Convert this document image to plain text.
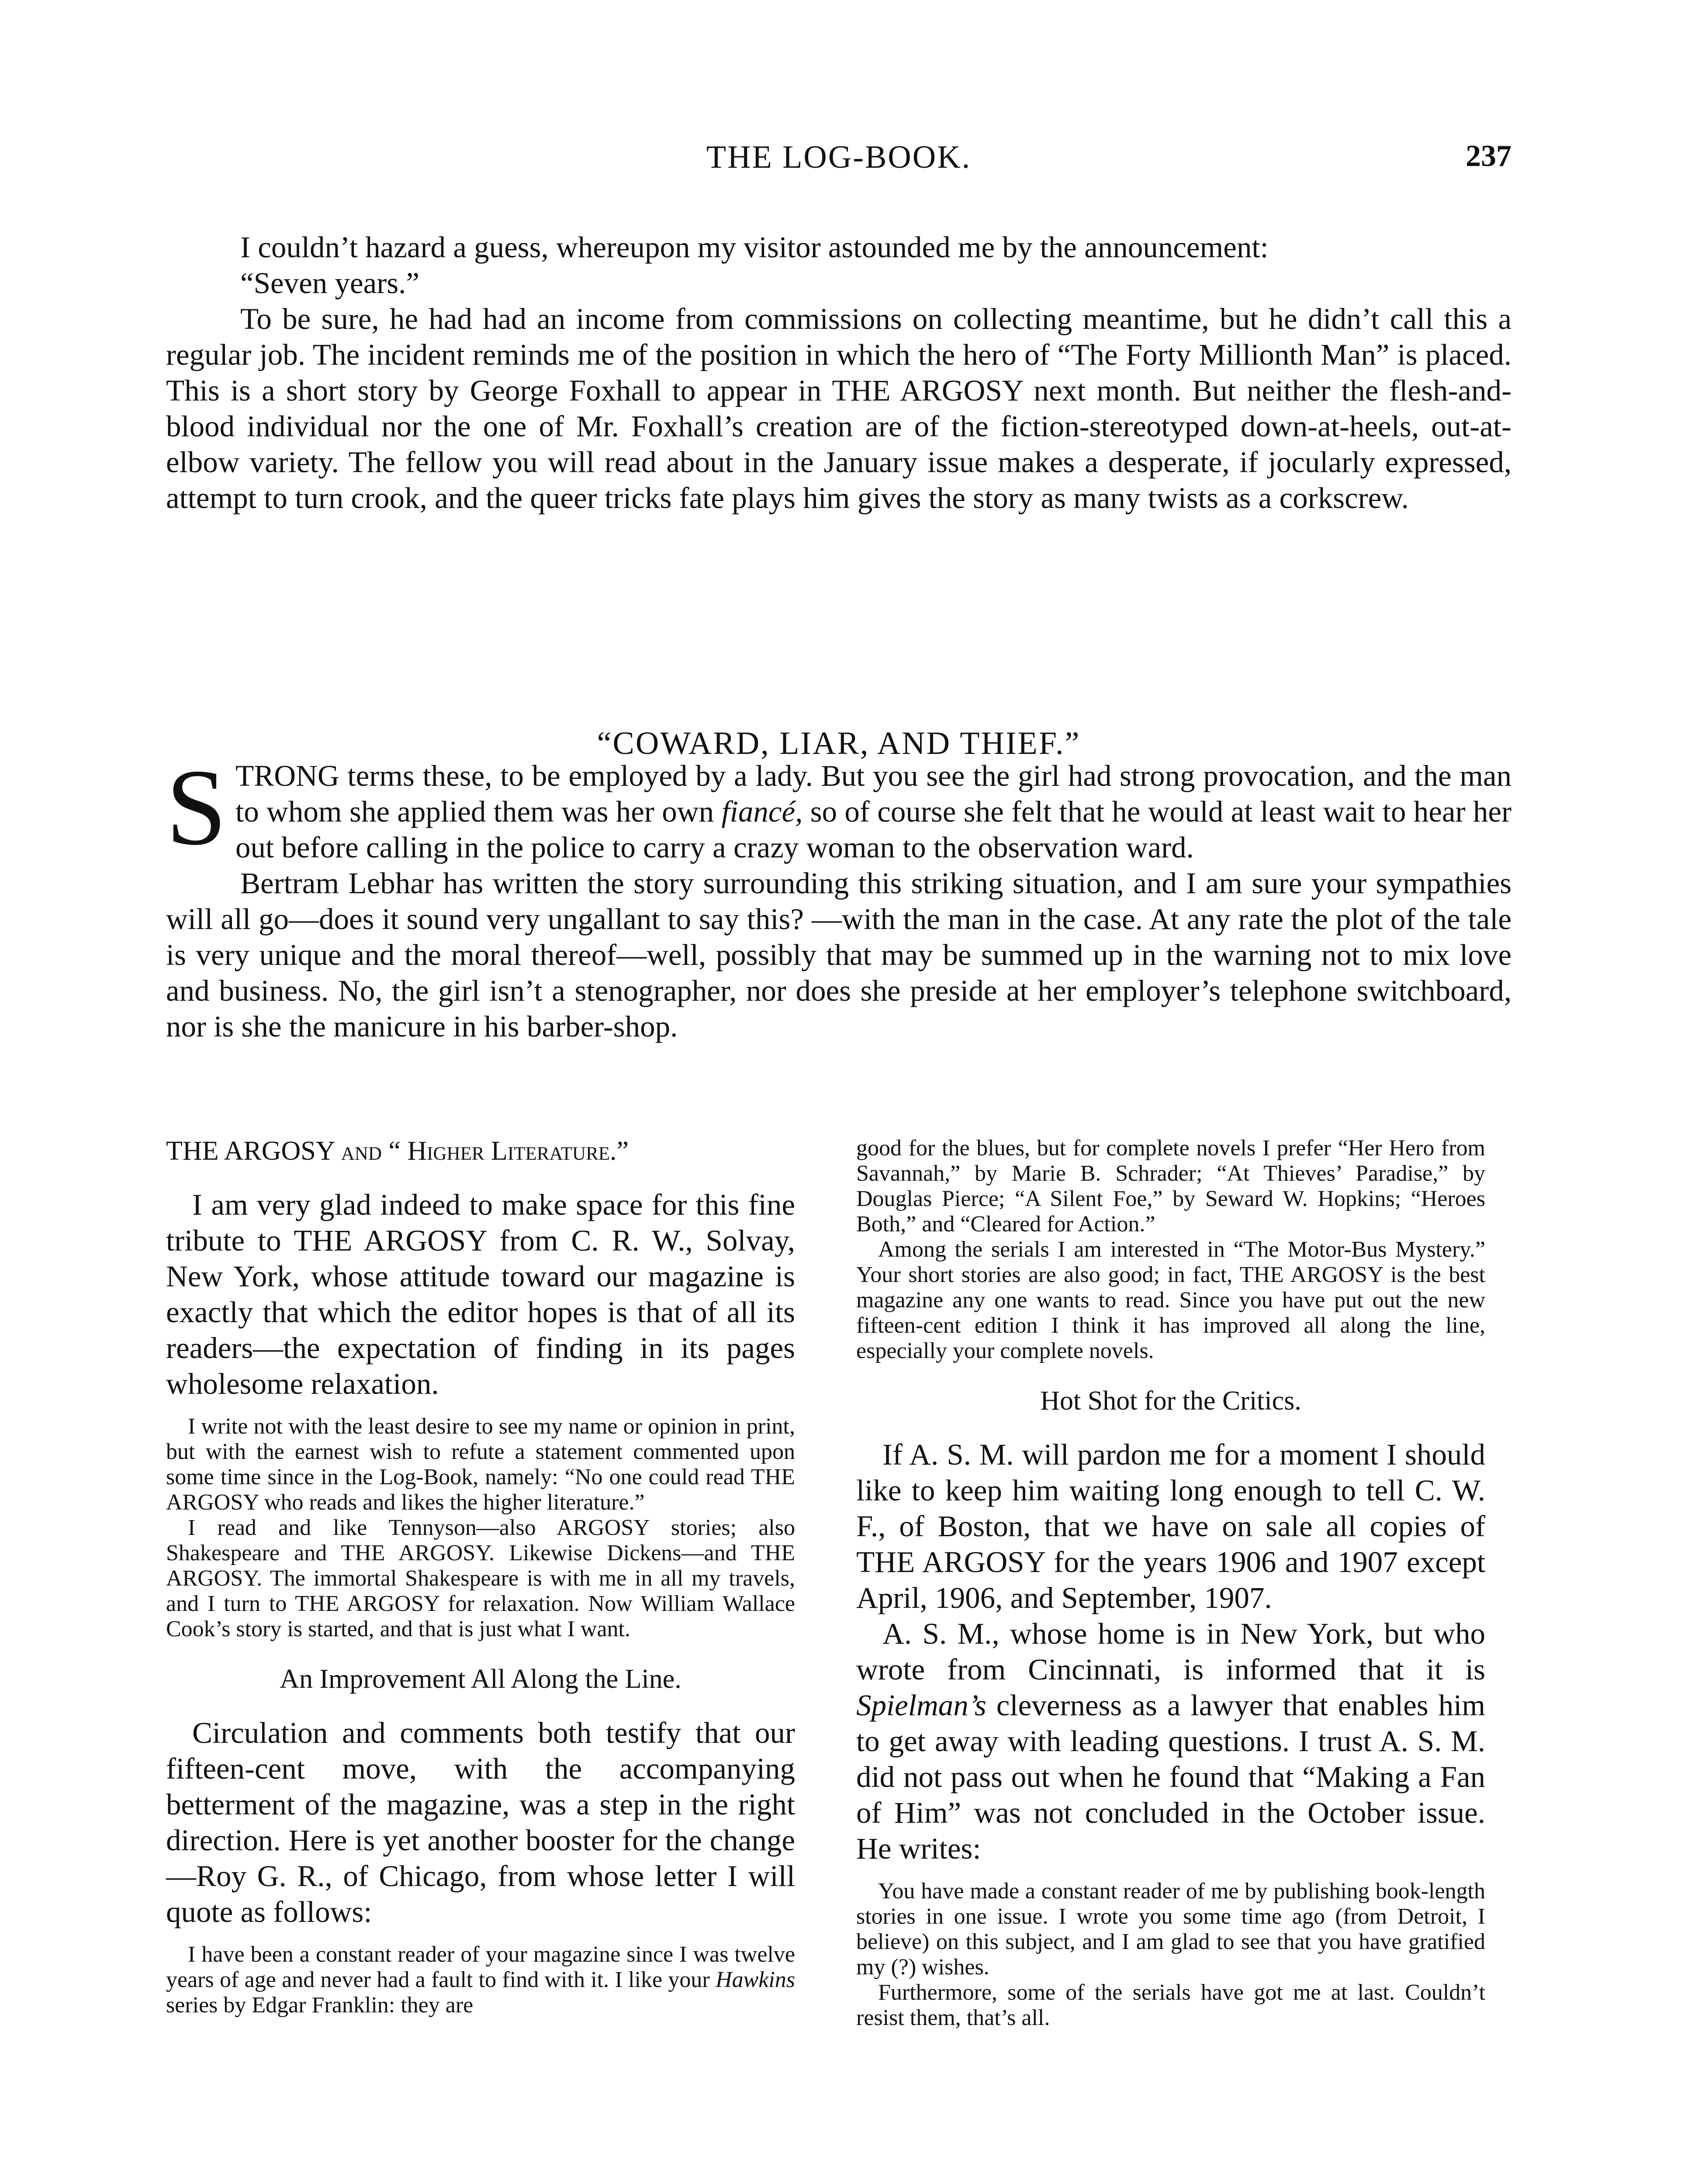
THE LOG-BOOK.	237

I couldn’t hazard a guess, whereupon my visitor astounded me by the announcement:

“Seven years.”

To be sure, he had had an income from commissions on collecting meantime, but he didn’t call this a regular job. The incident reminds me of the position in which the hero of “The Forty Millionth Man” is placed. This is a short story by George Foxhall to appear in THE ARGOSY next month. But neither the flesh-and-blood individual nor the one of Mr. Foxhall’s creation are of the fiction-stereotyped down-at-heels, out-at-elbow variety. The fellow you will read about in the January issue makes a desperate, if jocularly expressed, attempt to turn crook, and the queer tricks fate plays him gives the story as many twists as a corkscrew.

“COWARD, LIAR, AND THIEF.”

STRONG terms these, to be employed by a lady. But you see the girl had strong provocation, and the man to whom she applied them was her own fiancé, so of course she felt that he would at least wait to hear her out before calling in the police to carry a crazy woman to the observation ward.

Bertram Lebhar has written the story surrounding this striking situation, and I am sure your sympathies will all go—does it sound very ungallant to say this? —with the man in the case. At any rate the plot of the tale is very unique and the moral thereof—well, possibly that may be summed up in the warning not to mix love and business. No, the girl isn’t a stenographer, nor does she preside at her employer’s telephone switchboard, nor is she the manicure in his barber-shop.

THE ARGOSY and “ Higher Literature.”

I am very glad indeed to make space for this fine tribute to THE ARGOSY from C. R. W., Solvay, New York, whose attitude toward our magazine is exactly that which the editor hopes is that of all its readers—the expectation of finding in its pages wholesome relaxation.

I write not with the least desire to see my name or opinion in print, but with the earnest wish to refute a statement commented upon some time since in the Log-Book, namely: “No one could read THE ARGOSY who reads and likes the higher literature.”

I read and like Tennyson—also ARGOSY stories; also Shakespeare and THE ARGOSY. Likewise Dickens—and THE ARGOSY. The immortal Shakespeare is with me in all my travels, and I turn to THE ARGOSY for relaxation. Now William Wallace Cook’s story is started, and that is just what I want.

An Improvement All Along the Line.

Circulation and comments both testify that our fifteen-cent move, with the accompanying betterment of the magazine, was a step in the right direction. Here is yet another booster for the change—Roy G. R., of Chicago, from whose letter I will quote as follows:

I have been a constant reader of your magazine since I was twelve years of age and never had a fault to find with it. I like your Hawkins series by Edgar Franklin: they are

good for the blues, but for complete novels I prefer “Her Hero from Savannah,” by Marie B. Schrader; “At Thieves’ Paradise,” by Douglas Pierce; “A Silent Foe,” by Seward W. Hopkins; “Heroes Both,” and “Cleared for Action.”

Among the serials I am interested in “The Motor-Bus Mystery.” Your short stories are also good; in fact, THE ARGOSY is the best magazine any one wants to read. Since you have put out the new fifteen-cent edition I think it has improved all along the line, especially your complete novels.

Hot Shot for the Critics.

If A. S. M. will pardon me for a moment I should like to keep him waiting long enough to tell C. W. F., of Boston, that we have on sale all copies of THE ARGOSY for the years 1906 and 1907 except April, 1906, and September, 1907.

A. S. M., whose home is in New York, but who wrote from Cincinnati, is informed that it is Spielman’s cleverness as a lawyer that enables him to get away with leading questions. I trust A. S. M. did not pass out when he found that “Making a Fan of Him” was not concluded in the October issue. He writes:

You have made a constant reader of me by publishing book-length stories in one issue. I wrote you some time ago (from Detroit, I believe) on this subject, and I am glad to see that you have gratified my (?) wishes.

Furthermore, some of the serials have got me at last. Couldn’t resist them, that’s all.
